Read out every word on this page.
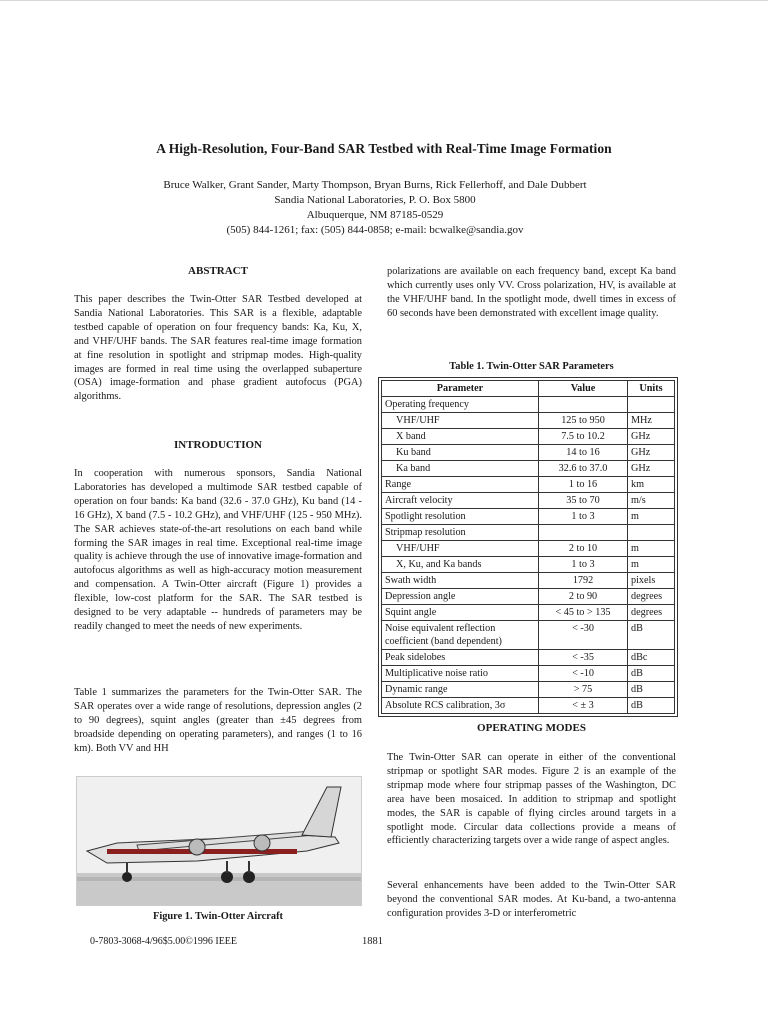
A High-Resolution, Four-Band SAR Testbed with Real-Time Image Formation
Bruce Walker, Grant Sander, Marty Thompson, Bryan Burns, Rick Fellerhoff, and Dale Dubbert
Sandia National Laboratories, P. O. Box 5800
Albuquerque, NM 87185-0529
(505) 844-1261; fax: (505) 844-0858; e-mail: bcwalke@sandia.gov
ABSTRACT

This paper describes the Twin-Otter SAR Testbed developed at Sandia National Laboratories. This SAR is a flexible, adaptable testbed capable of operation on four frequency bands: Ka, Ku, X, and VHF/UHF bands. The SAR features real-time image formation at fine resolution in spotlight and stripmap modes. High-quality images are formed in real time using the overlapped subaperture (OSA) image-formation and phase gradient autofocus (PGA) algorithms.

INTRODUCTION

In cooperation with numerous sponsors, Sandia National Laboratories has developed a multimode SAR testbed capable of operation on four bands: Ka band (32.6 - 37.0 GHz), Ku band (14 - 16 GHz), X band (7.5 - 10.2 GHz), and VHF/UHF (125 - 950 MHz). The SAR achieves state-of-the-art resolutions on each band while forming the SAR images in real time. Exceptional real-time image quality is achieve through the use of innovative image-formation and autofocus algorithms as well as high-accuracy motion measurement and compensation. A Twin-Otter aircraft (Figure 1) provides a flexible, low-cost platform for the SAR. The SAR testbed is designed to be very adaptable -- hundreds of parameters may be readily changed to meet the needs of new experiments.

Table 1 summarizes the parameters for the Twin-Otter SAR. The SAR operates over a wide range of resolutions, depression angles (2 to 90 degrees), squint angles (greater than ±45 degrees from broadside depending on operating parameters), and ranges (1 to 16 km). Both VV and HH

Figure 1. Twin-Otter Aircraft

polarizations are available on each frequency band, except Ka band which currently uses only VV. Cross polarization, HV, is available at the VHF/UHF band. In the spotlight mode, dwell times in excess of 60 seconds have been demonstrated with excellent image quality.

Table 1. Twin-Otter SAR Parameters
Parameter	Value	Units
Operating frequency		
VHF/UHF	125 to 950	MHz
X band	7.5 to 10.2	GHz
Ku band	14 to 16	GHz
Ka band	32.6 to 37.0	GHz
Range	1 to 16	km
Aircraft velocity	35 to 70	m/s
Spotlight resolution	1 to 3	m
Stripmap resolution		
VHF/UHF	2 to 10	m
X, Ku, and Ka bands	1 to 3	m
Swath width	1792	pixels
Depression angle	2 to 90	degrees
Squint angle	< 45 to > 135	degrees
Noise equivalent reflection coefficient (band dependent)	< -30	dB
Peak sidelobes	< -35	dBc
Multiplicative noise ratio	< -10	dB
Dynamic range	> 75	dB
Absolute RCS calibration, 3σ	< ± 3	dB
OPERATING MODES

The Twin-Otter SAR can operate in either of the conventional stripmap or spotlight SAR modes. Figure 2 is an example of the stripmap mode where four stripmap passes of the Washington, DC area have been mosaiced. In addition to stripmap and spotlight modes, the SAR is capable of flying circles around targets in a spotlight mode. Circular data collections provide a means of efficiently characterizing targets over a wide range of aspect angles.

Several enhancements have been added to the Twin-Otter SAR beyond the conventional SAR modes. At Ku-band, a two-antenna configuration provides 3-D or interferometric

0-7803-3068-4/96$5.00©1996 IEEE	1881
